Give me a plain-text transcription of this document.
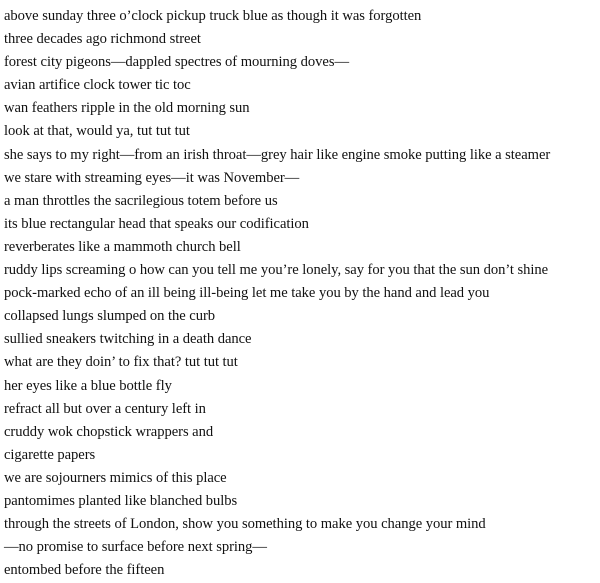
above sunday three o’clock pickup truck blue as though it was forgotten
three decades ago richmond street
forest city pigeons—dappled spectres of mourning doves—
avian artifice clock tower tic toc
wan feathers ripple in the old morning sun
look at that, would ya, tut tut tut
she says to my right—from an irish throat—grey hair like engine smoke putting like a steamer
we stare with streaming eyes—it was November—
a man throttles the sacrilegious totem before us
its blue rectangular head that speaks our codification
reverberates like a mammoth church bell
ruddy lips screaming o how can you tell me you’re lonely, say for you that the sun don’t shine
pock-marked echo of an ill being ill-being let me take you by the hand and lead you
collapsed lungs slumped on the curb
sullied sneakers twitching in a death dance
what are they doin’ to fix that? tut tut tut
her eyes like a blue bottle fly
refract all but over a century left in
cruddy wok chopstick wrappers and
cigarette papers
we are sojourners mimics of this place
pantomimes planted like blanched bulbs
through the streets of London, show you something to make you change your mind
—no promise to surface before next spring—
entombed before the fifteen
